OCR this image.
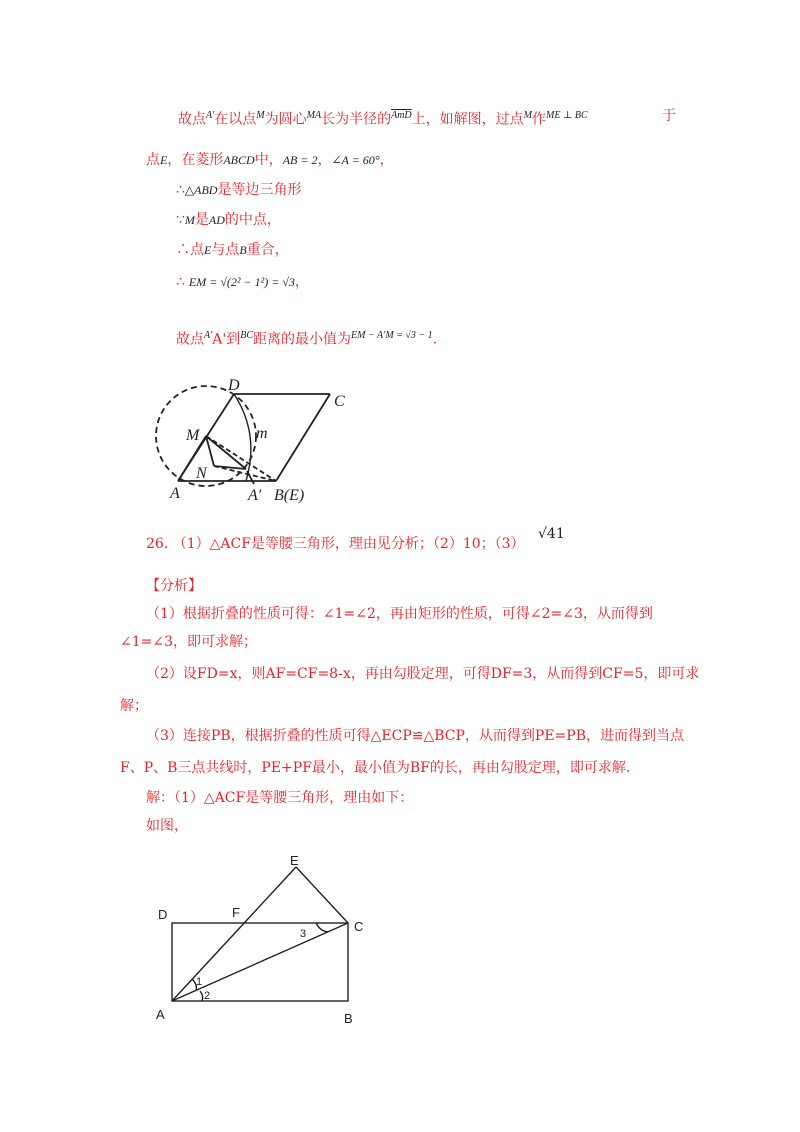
故点$^{A'}$在以点$^M$为圆心$^{MA}$长为半径的$^{\overline{AmD}}$上，如解图，过点$^M$作$^{ME \perp BC}$	于
点E，在菱形ABCD中，AB = 2，∠A = 60°，
∴△ABD是等边三角形
∵M是AD的中点，
∴点E与点B重合，
∴ EM = √(2² − 1²) = √3，
故点$^{A'}$A'到$^{BC}$距离的最小值为$^{EM - A'M = √3 - 1}$.
D
C
M	m
N
A	A′ B(E)
26. （1）△ACF是等腰三角形，理由见分析；（2）10；（3）
√41
【分析】
（1）根据折叠的性质可得：∠1=∠2，再由矩形的性质，可得∠2=∠3，从而得到
∠1=∠3，即可求解；
（2）设FD=x，则AF=CF=8-x，再由勾股定理，可得DF=3，从而得到CF=5，即可求
解；
（3）连接PB，根据折叠的性质可得△ECP≌△BCP，从而得到PE=PB，进而得到当点
F、P、B三点共线时，PE+PF最小，最小值为BF的长，再由勾股定理，即可求解.
解：（1）△ACF是等腰三角形，理由如下：
如图，
E
D	F
C
A	B
1
2
3
